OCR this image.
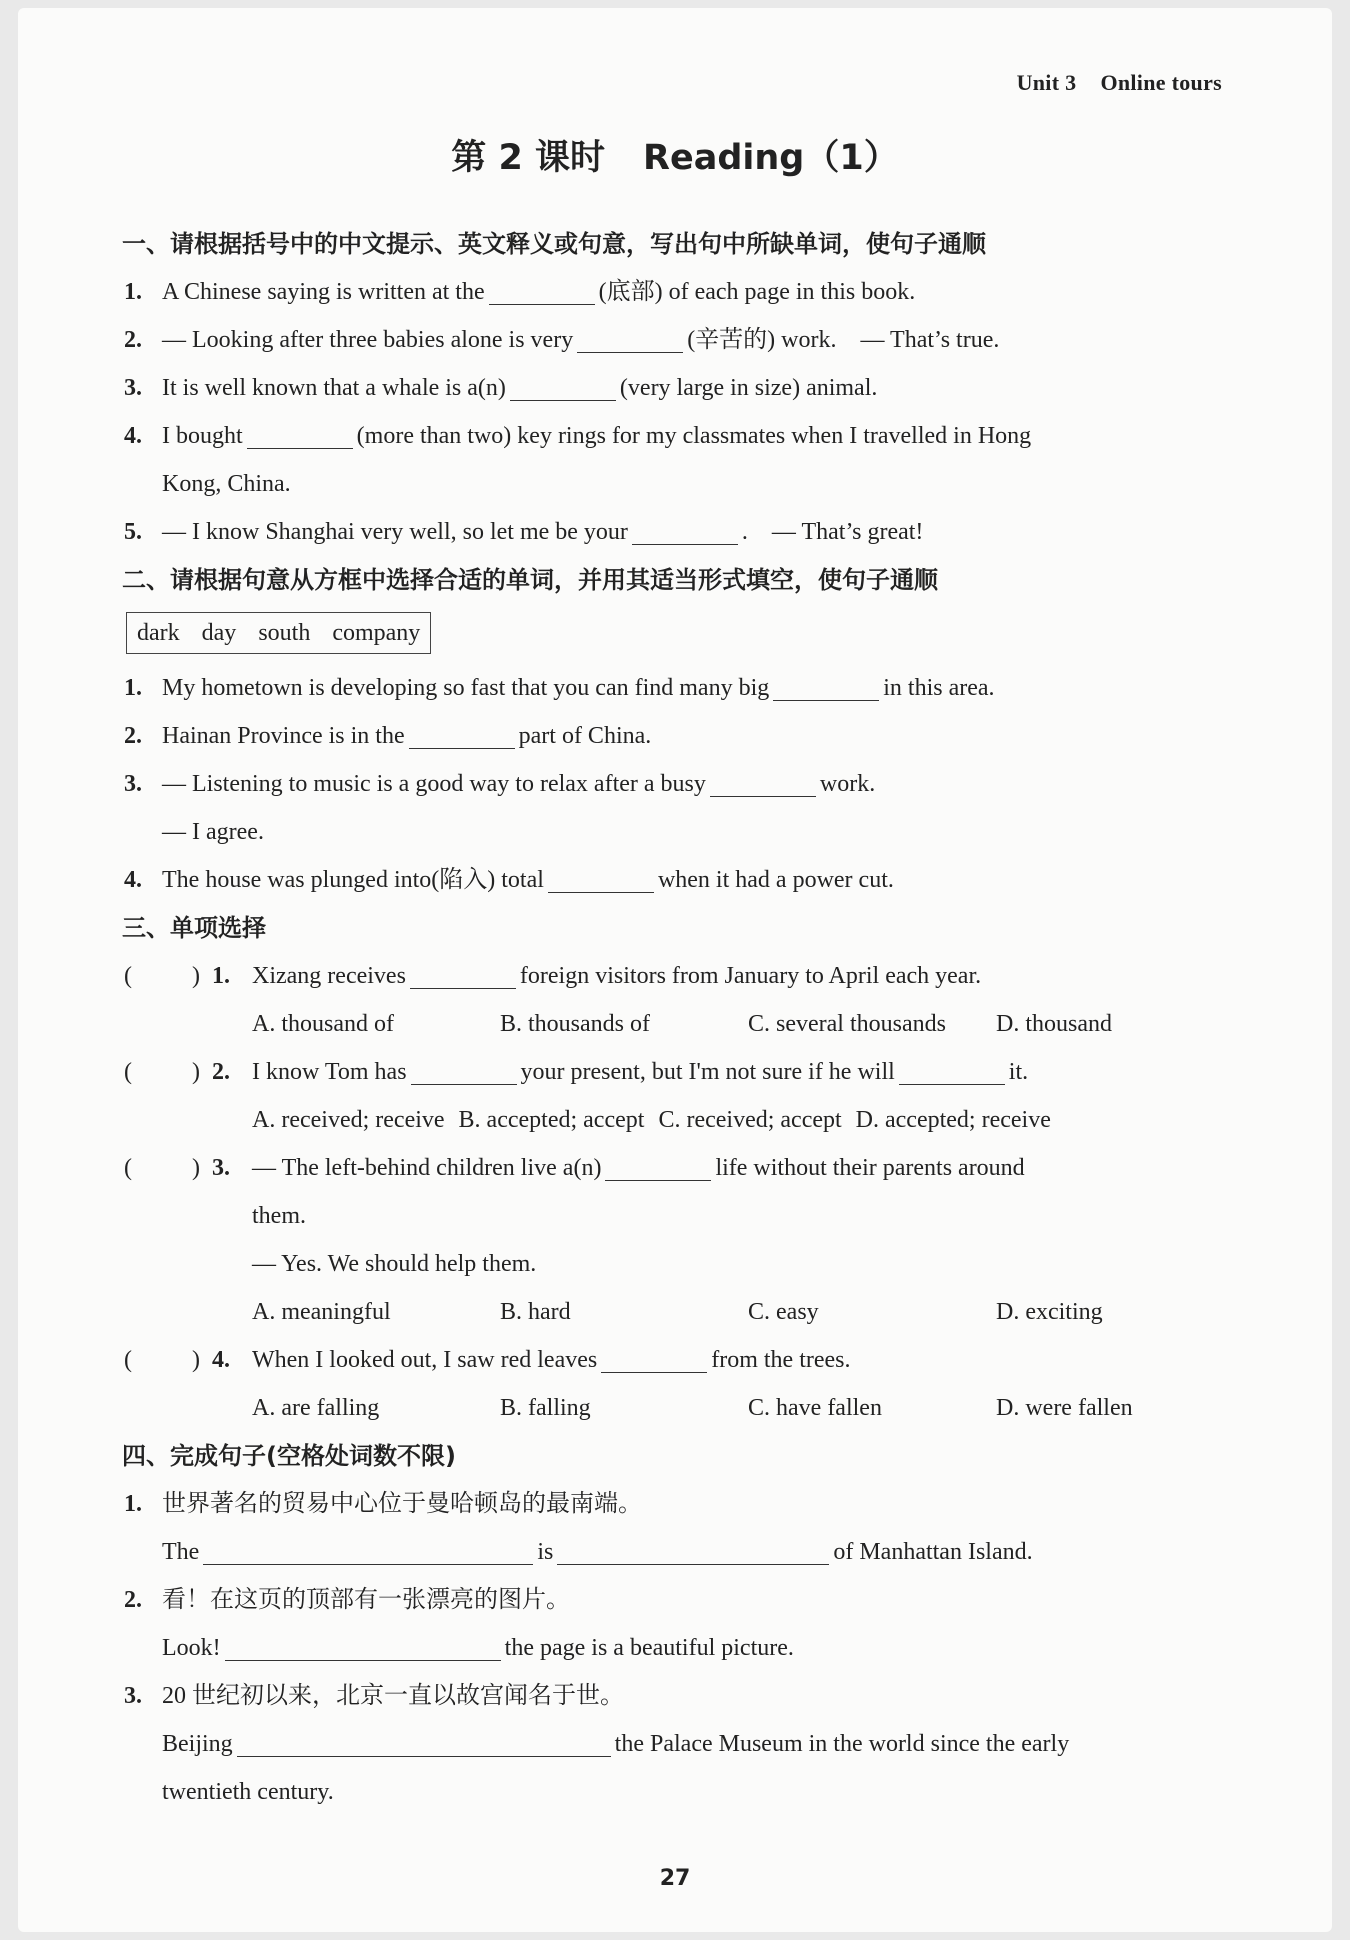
Unit 3 Online tours
第 2 课时 Reading（1）
一、请根据括号中的中文提示、英文释义或句意，写出句中所缺单词，使句子通顺
1. A Chinese saying is written at the	(底部) of each page in this book.
2. — Looking after three babies alone is very	(辛苦的) work.　— That’s true.
3. It is well known that a whale is a(n)	(very large in size) animal.
4. I bought	(more than two) key rings for my classmates when I travelled in Hong
Kong, China.
5. — I know Shanghai very well, so let me be your	.　— That’s great!
二、请根据句意从方框中选择合适的单词，并用其适当形式填空，使句子通顺
dark day south company
1. My hometown is developing so fast that you can find many big	in this area.
2. Hainan Province is in the	part of China.
3. — Listening to music is a good way to relax after a busy	work.
— I agree.
4. The house was plunged into(陷入) total	when it had a power cut.
三、单项选择
(	) 1. Xizang receives	foreign visitors from January to April each year.
A. thousand of	B. thousands of	C. several thousands	D. thousand
(	) 2. I know Tom has	your present, but I'm not sure if he will	it.
A. received; receive B. accepted; accept C. received; accept D. accepted; receive
(	) 3. — The left-behind children live a(n)	life without their parents around
them.
— Yes. We should help them.
A. meaningful	B. hard	C. easy	D. exciting
(	) 4. When I looked out, I saw red leaves	from the trees.
A. are falling	B. falling	C. have fallen	D. were fallen
四、完成句子(空格处词数不限)
1. 世界著名的贸易中心位于曼哈顿岛的最南端。
The	is	of Manhattan Island.
2. 看！在这页的顶部有一张漂亮的图片。
Look!	the page is a beautiful picture.
3. 20 世纪初以来，北京一直以故宫闻名于世。
Beijing	the Palace Museum in the world since the early
twentieth century.
27
